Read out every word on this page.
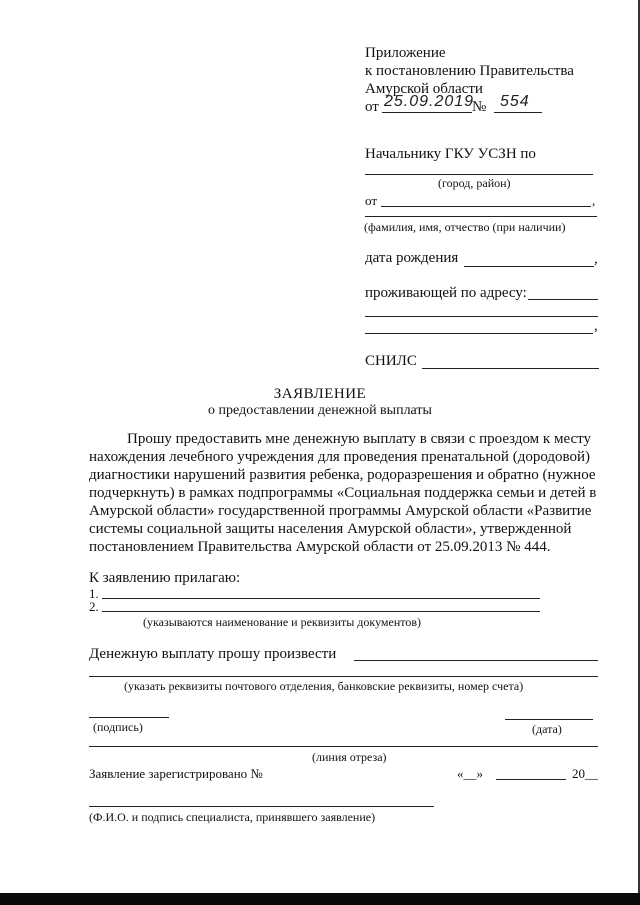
Приложение
к постановлению Правительства
Амурской области
от 25.09.2019
№ 554
Начальнику ГКУ УСЗН по
(город, район)
от	,
(фамилия, имя, отчество (при наличии)
дата рождения	,
проживающей по адресу:
,
СНИЛС
ЗАЯВЛЕНИЕ
о предоставлении денежной выплаты
Прошу предоставить мне денежную выплату в связи с проездом к месту
нахождения лечебного учреждения для проведения пренатальной (дородовой)
диагностики нарушений развития ребенка, родоразрешения и обратно (нужное
подчеркнуть) в рамках подпрограммы «Социальная поддержка семьи и детей в
Амурской области» государственной программы Амурской области «Развитие
системы социальной защиты населения Амурской области», утвержденной
постановлением Правительства Амурской области от 25.09.2013 № 444.
К заявлению прилагаю:
1.
2.
(указываются наименование и реквизиты документов)
Денежную выплату прошу произвести
(указать реквизиты почтового отделения, банковские реквизиты, номер счета)
(подпись)	(дата)
(линия отреза)
Заявление зарегистрировано №	«__»	20__
(Ф.И.О. и подпись специалиста, принявшего заявление)
